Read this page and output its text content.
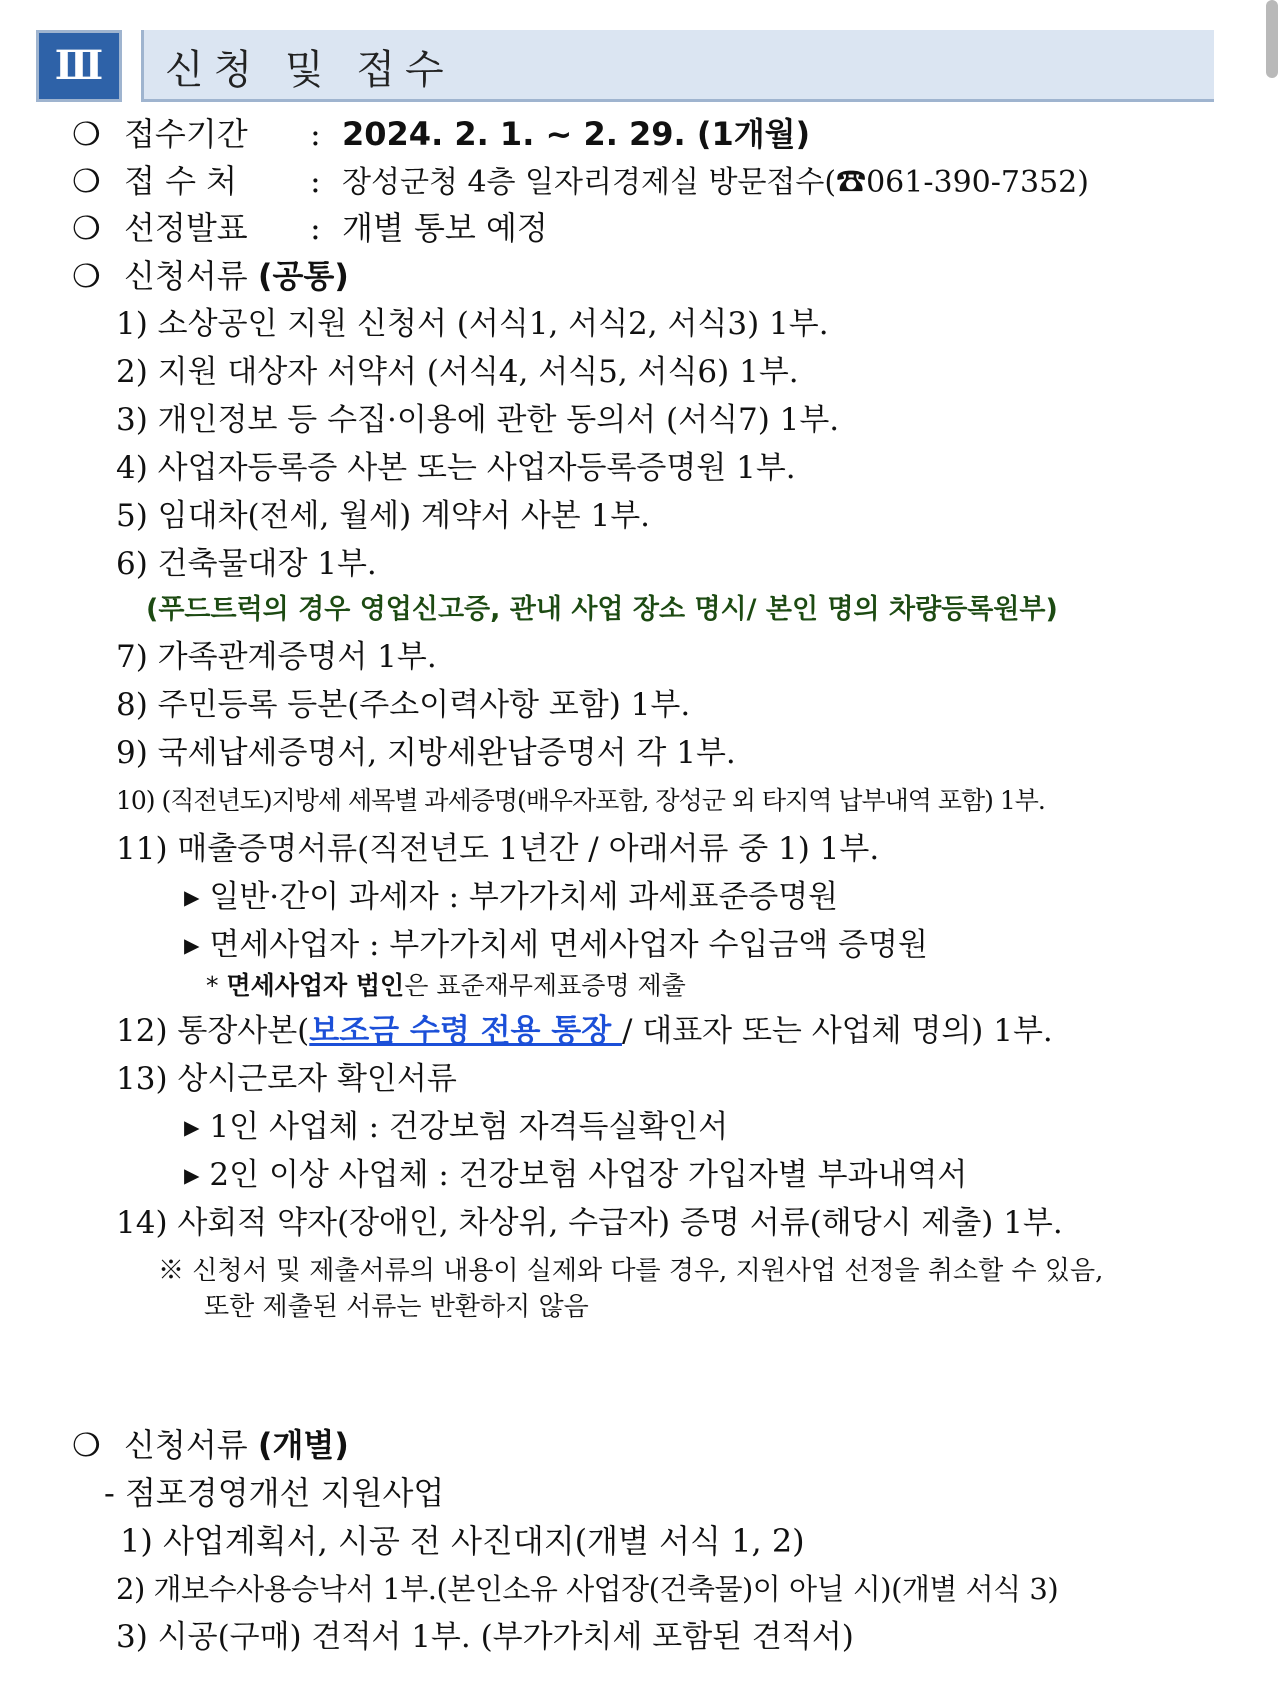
Ⅲ	신청 및 접수
❍ 접수기간 : 2024. 2. 1. ~ 2. 29. (1개월)
❍ 접 수 처 : 장성군청 4층 일자리경제실 방문접수(☎061-390-7352)
❍ 선정발표 : 개별 통보 예정
❍ 신청서류 (공통)
1) 소상공인 지원 신청서 (서식1, 서식2, 서식3) 1부.
2) 지원 대상자 서약서 (서식4, 서식5, 서식6) 1부.
3) 개인정보 등 수집·이용에 관한 동의서 (서식7) 1부.
4) 사업자등록증 사본 또는 사업자등록증명원 1부.
5) 임대차(전세, 월세) 계약서 사본 1부.
6) 건축물대장 1부.
(푸드트럭의 경우 영업신고증, 관내 사업 장소 명시/ 본인 명의 차량등록원부)
7) 가족관계증명서 1부.
8) 주민등록 등본(주소이력사항 포함) 1부.
9) 국세납세증명서, 지방세완납증명서 각 1부.
10) (직전년도)지방세 세목별 과세증명(배우자포함, 장성군 외 타지역 납부내역 포함) 1부.
11) 매출증명서류(직전년도 1년간 / 아래서류 중 1) 1부.
▸ 일반·간이 과세자 : 부가가치세 과세표준증명원
▸ 면세사업자 : 부가가치세 면세사업자 수입금액 증명원
* 면세사업자 법인은 표준재무제표증명 제출
12) 통장사본(보조금 수령 전용 통장 / 대표자 또는 사업체 명의) 1부.
13) 상시근로자 확인서류
▸ 1인 사업체 : 건강보험 자격득실확인서
▸ 2인 이상 사업체 : 건강보험 사업장 가입자별 부과내역서
14) 사회적 약자(장애인, 차상위, 수급자) 증명 서류(해당시 제출) 1부.
※ 신청서 및 제출서류의 내용이 실제와 다를 경우, 지원사업 선정을 취소할 수 있음,
또한 제출된 서류는 반환하지 않음
❍ 신청서류 (개별)
- 점포경영개선 지원사업
1) 사업계획서, 시공 전 사진대지(개별 서식 1, 2)
2) 개보수사용승낙서 1부.(본인소유 사업장(건축물)이 아닐 시)(개별 서식 3)
3) 시공(구매) 견적서 1부. (부가가치세 포함된 견적서)
